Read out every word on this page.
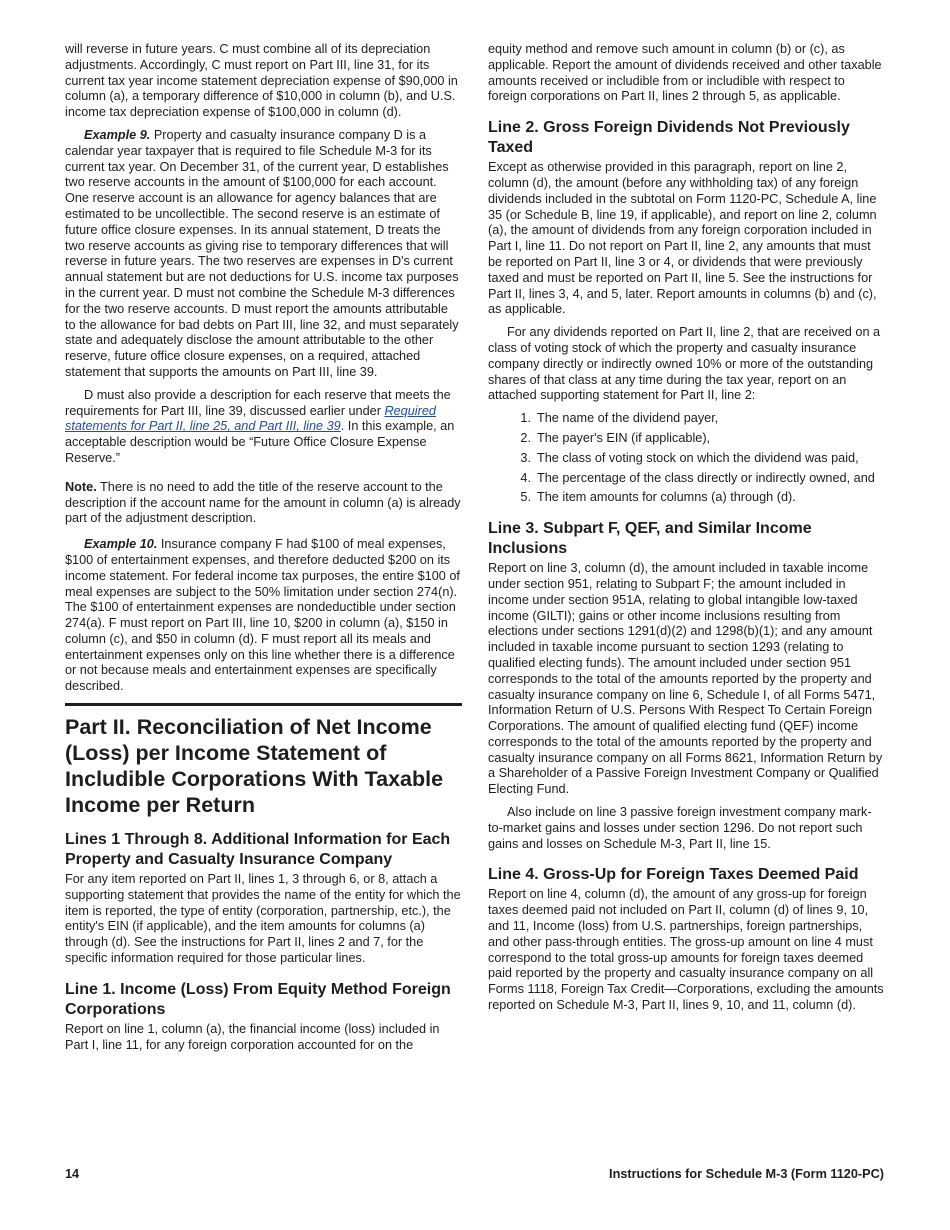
will reverse in future years. C must combine all of its depreciation adjustments. Accordingly, C must report on Part III, line 31, for its current tax year income statement depreciation expense of $90,000 in column (a), a temporary difference of $10,000 in column (b), and U.S. income tax depreciation expense of $100,000 in column (d).

Example 9. Property and casualty insurance company D is a calendar year taxpayer that is required to file Schedule M-3 for its current tax year. On December 31, of the current year, D establishes two reserve accounts in the amount of $100,000 for each account. One reserve account is an allowance for agency balances that are estimated to be uncollectible. The second reserve is an estimate of future office closure expenses. In its annual statement, D treats the two reserve accounts as giving rise to temporary differences that will reverse in future years. The two reserves are expenses in D's current annual statement but are not deductions for U.S. income tax purposes in the current year. D must not combine the Schedule M-3 differences for the two reserve accounts. D must report the amounts attributable to the allowance for bad debts on Part III, line 32, and must separately state and adequately disclose the amount attributable to the other reserve, future office closure expenses, on a required, attached statement that supports the amounts on Part III, line 39.

D must also provide a description for each reserve that meets the requirements for Part III, line 39, discussed earlier under Required statements for Part II, line 25, and Part III, line 39. In this example, an acceptable description would be “Future Office Closure Expense Reserve.”

Note. There is no need to add the title of the reserve account to the description if the account name for the amount in column (a) is already part of the adjustment description.

Example 10. Insurance company F had $100 of meal expenses, $100 of entertainment expenses, and therefore deducted $200 on its income statement. For federal income tax purposes, the entire $100 of meal expenses are subject to the 50% limitation under section 274(n). The $100 of entertainment expenses are nondeductible under section 274(a). F must report on Part III, line 10, $200 in column (a), $150 in column (c), and $50 in column (d). F must report all its meals and entertainment expenses only on this line whether there is a difference or not because meals and entertainment expenses are specifically described.

Part II. Reconciliation of Net Income (Loss) per Income Statement of Includible Corporations With Taxable Income per Return
Lines 1 Through 8. Additional Information for Each Property and Casualty Insurance Company

For any item reported on Part II, lines 1, 3 through 6, or 8, attach a supporting statement that provides the name of the entity for which the item is reported, the type of entity (corporation, partnership, etc.), the entity's EIN (if applicable), and the item amounts for columns (a) through (d). See the instructions for Part II, lines 2 and 7, for the specific information required for those particular lines.

Line 1. Income (Loss) From Equity Method Foreign Corporations

Report on line 1, column (a), the financial income (loss) included in Part I, line 11, for any foreign corporation accounted for on the

equity method and remove such amount in column (b) or (c), as applicable. Report the amount of dividends received and other taxable amounts received or includible from or includible with respect to foreign corporations on Part II, lines 2 through 5, as applicable.

Line 2. Gross Foreign Dividends Not Previously Taxed

Except as otherwise provided in this paragraph, report on line 2, column (d), the amount (before any withholding tax) of any foreign dividends included in the subtotal on Form 1120-PC, Schedule A, line 35 (or Schedule B, line 19, if applicable), and report on line 2, column (a), the amount of dividends from any foreign corporation included in Part I, line 11. Do not report on Part II, line 2, any amounts that must be reported on Part II, line 3 or 4, or dividends that were previously taxed and must be reported on Part II, line 5. See the instructions for Part II, lines 3, 4, and 5, later. Report amounts in columns (b) and (c), as applicable.

For any dividends reported on Part II, line 2, that are received on a class of voting stock of which the property and casualty insurance company directly or indirectly owned 10% or more of the outstanding shares of that class at any time during the tax year, report on an attached supporting statement for Part II, line 2:

1. The name of the dividend payer,
2. The payer's EIN (if applicable),
3. The class of voting stock on which the dividend was paid,
4. The percentage of the class directly or indirectly owned, and
5. The item amounts for columns (a) through (d).
Line 3. Subpart F, QEF, and Similar Income Inclusions

Report on line 3, column (d), the amount included in taxable income under section 951, relating to Subpart F; the amount included in income under section 951A, relating to global intangible low-taxed income (GILTI); gains or other income inclusions resulting from elections under sections 1291(d)(2) and 1298(b)(1); and any amount included in taxable income pursuant to section 1293 (relating to qualified electing funds). The amount included under section 951 corresponds to the total of the amounts reported by the property and casualty insurance company on line 6, Schedule I, of all Forms 5471, Information Return of U.S. Persons With Respect To Certain Foreign Corporations. The amount of qualified electing fund (QEF) income corresponds to the total of the amounts reported by the property and casualty insurance company on all Forms 8621, Information Return by a Shareholder of a Passive Foreign Investment Company or Qualified Electing Fund.

Also include on line 3 passive foreign investment company mark-to-market gains and losses under section 1296. Do not report such gains and losses on Schedule M-3, Part II, line 15.

Line 4. Gross-Up for Foreign Taxes Deemed Paid

Report on line 4, column (d), the amount of any gross-up for foreign taxes deemed paid not included on Part II, column (d) of lines 9, 10, and 11, Income (loss) from U.S. partnerships, foreign partnerships, and other pass-through entities. The gross-up amount on line 4 must correspond to the total gross-up amounts for foreign taxes deemed paid reported by the property and casualty insurance company on all Forms 1118, Foreign Tax Credit—Corporations, excluding the amounts reported on Schedule M-3, Part II, lines 9, 10, and 11, column (d).

14	Instructions for Schedule M-3 (Form 1120-PC)
